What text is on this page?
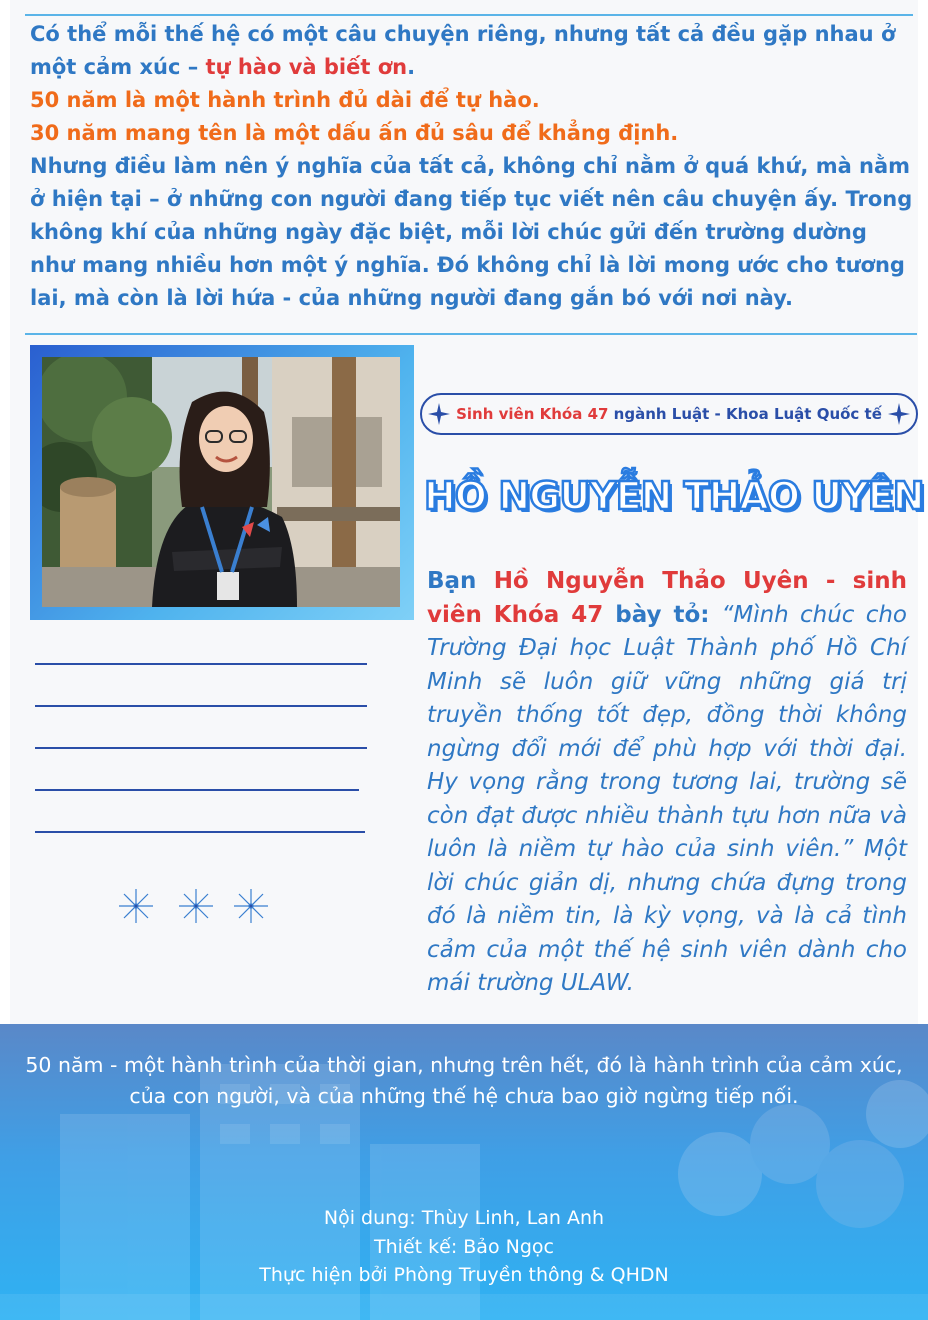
Có thể mỗi thế hệ có một câu chuyện riêng, nhưng tất cả đều gặp nhau ở một cảm xúc – tự hào và biết ơn.

50 năm là một hành trình đủ dài để tự hào.

30 năm mang tên là một dấu ấn đủ sâu để khẳng định.

Nhưng điều làm nên ý nghĩa của tất cả, không chỉ nằm ở quá khứ, mà nằm ở hiện tại – ở những con người đang tiếp tục viết nên câu chuyện ấy. Trong không khí của những ngày đặc biệt, mỗi lời chúc gửi đến trường dường như mang nhiều hơn một ý nghĩa. Đó không chỉ là lời mong ước cho tương lai, mà còn là lời hứa - của những người đang gắn bó với nơi này.

Sinh viên Khóa 47 ngành Luật - Khoa Luật Quốc tế
HỒ NGUYỄN THẢO UYÊN

Bạn Hồ Nguyễn Thảo Uyên - sinh viên Khóa 47 bày tỏ: “Mình chúc cho Trường Đại học Luật Thành phố Hồ Chí Minh sẽ luôn giữ vững những giá trị truyền thống tốt đẹp, đồng thời không ngừng đổi mới để phù hợp với thời đại. Hy vọng rằng trong tương lai, trường sẽ còn đạt được nhiều thành tựu hơn nữa và luôn là niềm tự hào của sinh viên.” Một lời chúc giản dị, nhưng chứa đựng trong đó là niềm tin, là kỳ vọng, và là cả tình cảm của một thế hệ sinh viên dành cho mái trường ULAW.

50 năm - một hành trình của thời gian, nhưng trên hết, đó là hành trình của cảm xúc, của con người, và của những thế hệ chưa bao giờ ngừng tiếp nối.

Nội dung: Thùy Linh, Lan Anh
Thiết kế: Bảo Ngọc
Thực hiện bởi Phòng Truyền thông & QHDN
